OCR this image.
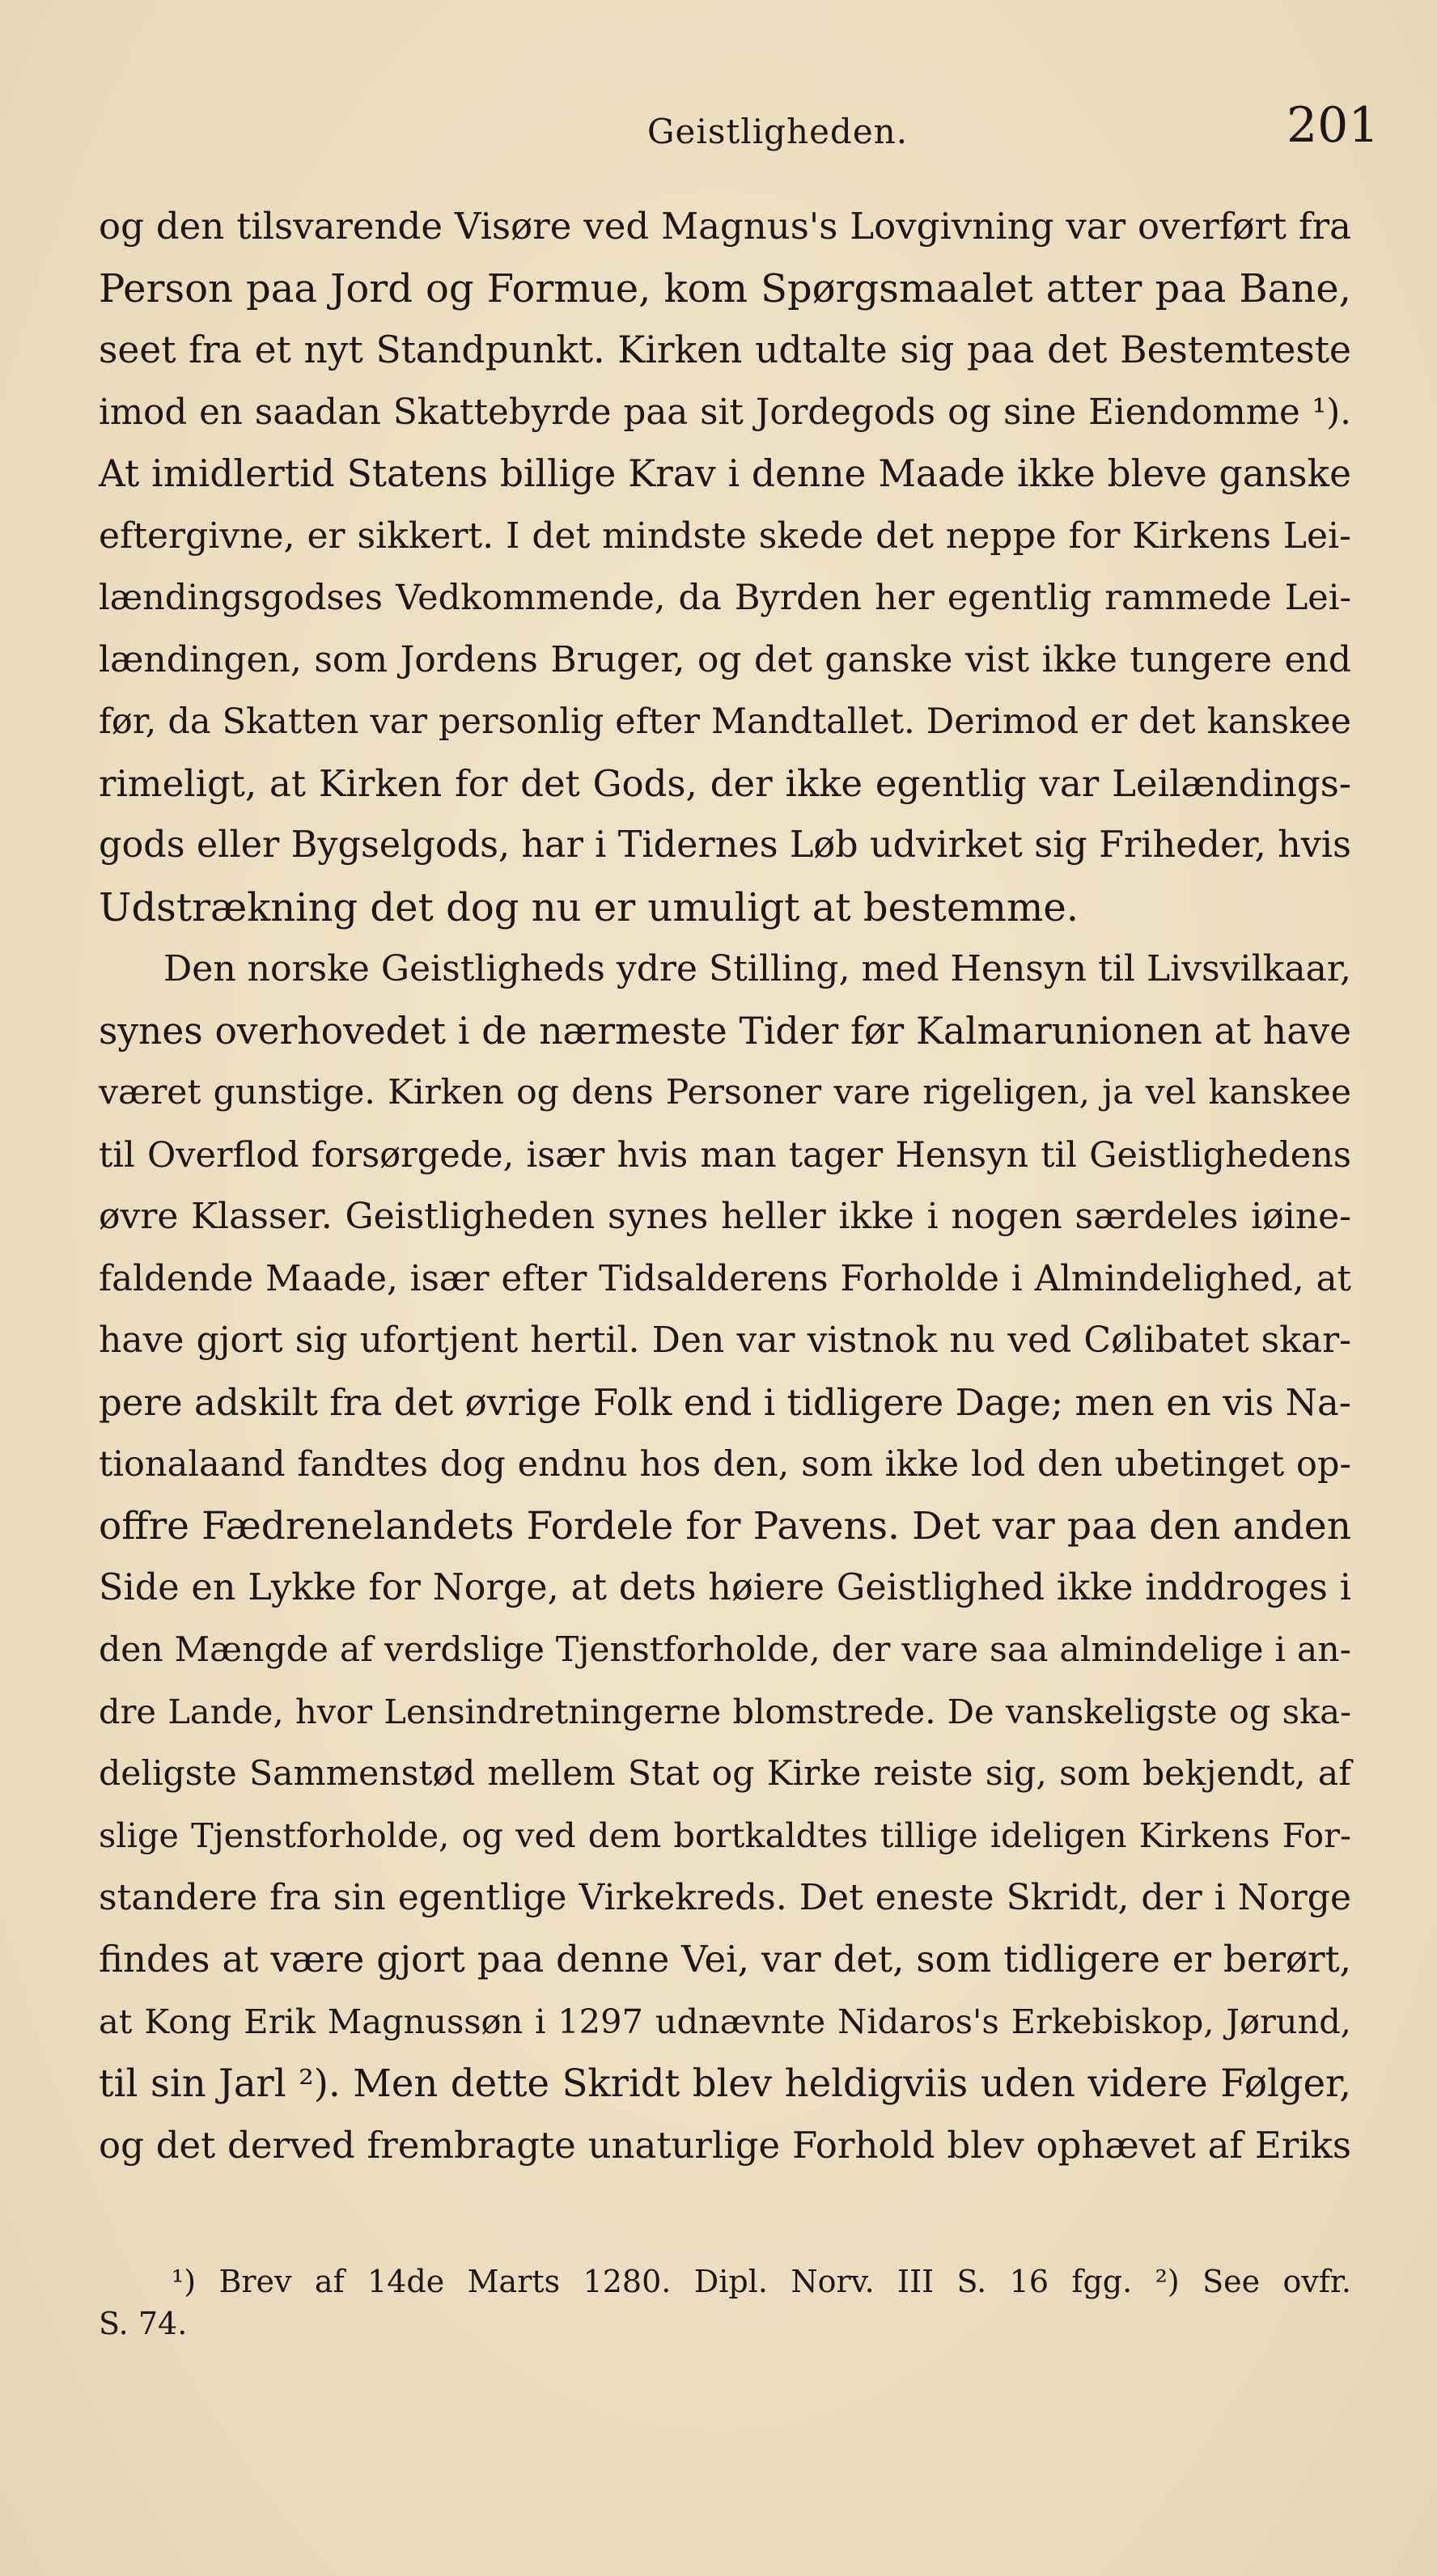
Geistligheden.	201
og den tilsvarende Visøre ved Magnus's Lovgivning var overført fra
Person paa Jord og Formue, kom Spørgsmaalet atter paa Bane,
seet fra et nyt Standpunkt. Kirken udtalte sig paa det Bestemteste
imod en saadan Skattebyrde paa sit Jordegods og sine Eiendomme ¹).
At imidlertid Statens billige Krav i denne Maade ikke bleve ganske
eftergivne, er sikkert. I det mindste skede det neppe for Kirkens Lei-
lændingsgodses Vedkommende, da Byrden her egentlig rammede Lei-
lændingen, som Jordens Bruger, og det ganske vist ikke tungere end
før, da Skatten var personlig efter Mandtallet. Derimod er det kanskee
rimeligt, at Kirken for det Gods, der ikke egentlig var Leilændings-
gods eller Bygselgods, har i Tidernes Løb udvirket sig Friheder, hvis
Udstrækning det dog nu er umuligt at bestemme.
Den norske Geistligheds ydre Stilling, med Hensyn til Livsvilkaar,
synes overhovedet i de nærmeste Tider før Kalmarunionen at have
været gunstige. Kirken og dens Personer vare rigeligen, ja vel kanskee
til Overflod forsørgede, især hvis man tager Hensyn til Geistlighedens
øvre Klasser. Geistligheden synes heller ikke i nogen særdeles iøine-
faldende Maade, især efter Tidsalderens Forholde i Almindelighed, at
have gjort sig ufortjent hertil. Den var vistnok nu ved Cølibatet skar-
pere adskilt fra det øvrige Folk end i tidligere Dage; men en vis Na-
tionalaand fandtes dog endnu hos den, som ikke lod den ubetinget op-
offre Fædrenelandets Fordele for Pavens. Det var paa den anden
Side en Lykke for Norge, at dets høiere Geistlighed ikke inddroges i
den Mængde af verdslige Tjenstforholde, der vare saa almindelige i an-
dre Lande, hvor Lensindretningerne blomstrede. De vanskeligste og ska-
deligste Sammenstød mellem Stat og Kirke reiste sig, som bekjendt, af
slige Tjenstforholde, og ved dem bortkaldtes tillige ideligen Kirkens For-
standere fra sin egentlige Virkekreds. Det eneste Skridt, der i Norge
findes at være gjort paa denne Vei, var det, som tidligere er berørt,
at Kong Erik Magnussøn i 1297 udnævnte Nidaros's Erkebiskop, Jørund,
til sin Jarl ²). Men dette Skridt blev heldigviis uden videre Følger,
og det derved frembragte unaturlige Forhold blev ophævet af Eriks
¹) Brev af 14de Marts 1280. Dipl. Norv. III S. 16 fgg. ²) See ovfr.
S. 74.
